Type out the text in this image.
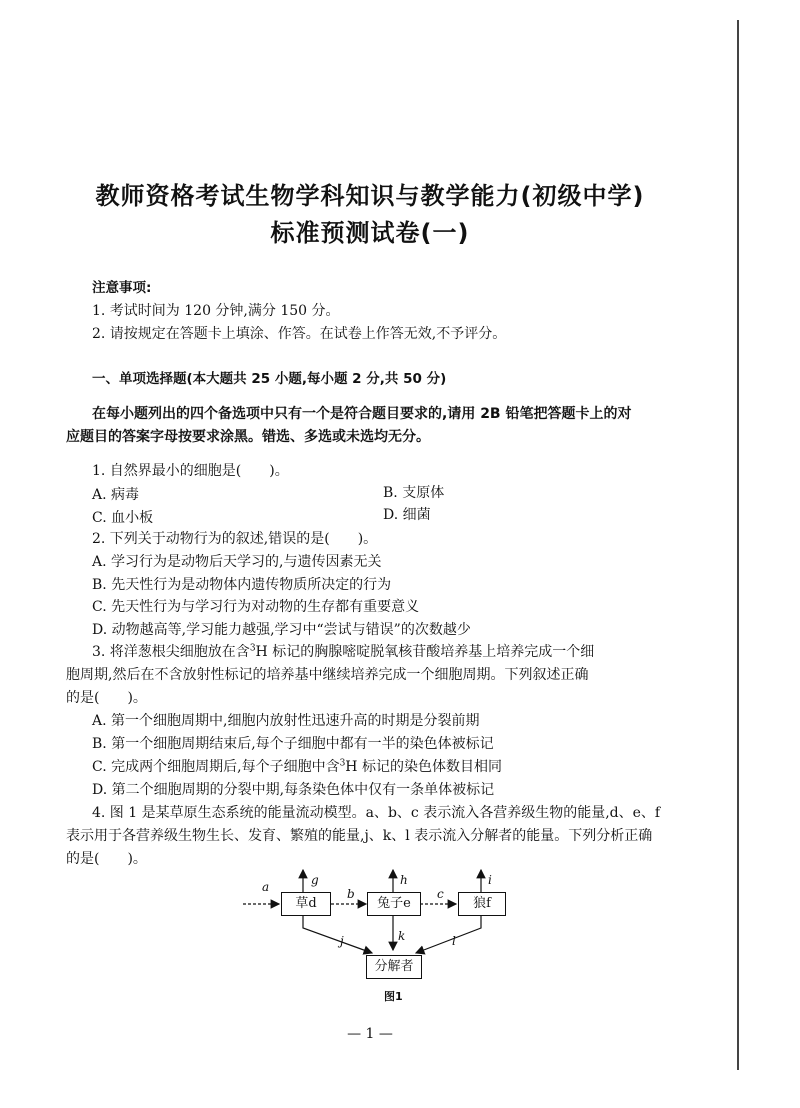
教师资格考试生物学科知识与教学能力(初级中学)
标准预测试卷(一)
注意事项:
1. 考试时间为 120 分钟,满分 150 分。
2. 请按规定在答题卡上填涂、作答。在试卷上作答无效,不予评分。
一、单项选择题(本大题共 25 小题,每小题 2 分,共 50 分)
在每小题列出的四个备选项中只有一个是符合题目要求的,请用 2B 铅笔把答题卡上的对
应题目的答案字母按要求涂黑。错选、多选或未选均无分。
1. 自然界最小的细胞是(　　)。
A. 病毒	B. 支原体
C. 血小板	D. 细菌
2. 下列关于动物行为的叙述,错误的是(　　)。
A. 学习行为是动物后天学习的,与遗传因素无关
B. 先天性行为是动物体内遗传物质所决定的行为
C. 先天性行为与学习行为对动物的生存都有重要意义
D. 动物越高等,学习能力越强,学习中“尝试与错误”的次数越少
3. 将洋葱根尖细胞放在含$^3$H 标记的胸腺嘧啶脱氧核苷酸培养基上培养完成一个细
胞周期,然后在不含放射性标记的培养基中继续培养完成一个细胞周期。下列叙述正确
的是(　　)。
A. 第一个细胞周期中,细胞内放射性迅速升高的时期是分裂前期
B. 第一个细胞周期结束后,每个子细胞中都有一半的染色体被标记
C. 完成两个细胞周期后,每个子细胞中含$^3$H 标记的染色体数目相同
D. 第二个细胞周期的分裂中期,每条染色体中仅有一条单体被标记
4. 图 1 是某草原生态系统的能量流动模型。a、b、c 表示流入各营养级生物的能量,d、e、f
表示用于各营养级生物生长、发育、繁殖的能量,j、k、l 表示流入分解者的能量。下列分析正确
的是(　　)。
草d	兔子e	狼f
分解者
a	g
b
h
c
i
j	k	l
图1
— 1 —
